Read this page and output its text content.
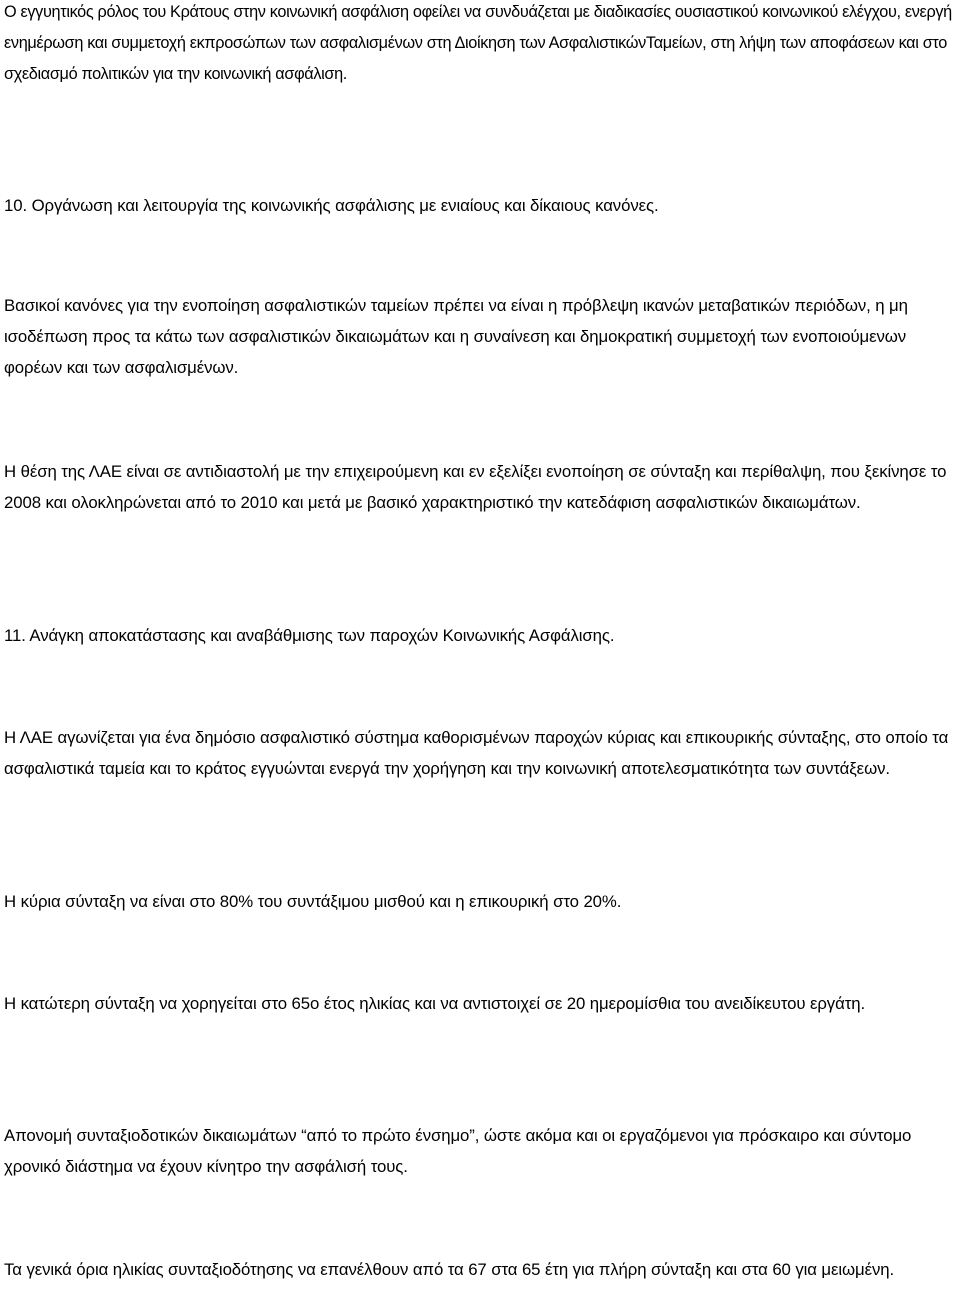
Ο εγγυητικός ρόλος του Κράτους στην κοινωνική ασφάλιση οφείλει να συνδυάζεται με διαδικασίες ουσιαστικού κοινωνικού ελέγχου, ενεργή ενημέρωση και συμμετοχή εκπροσώπων των ασφαλισμένων στη Διοίκηση των ΑσφαλιστικώνΤαμείων, στη λήψη των αποφάσεων και στο σχεδιασμό πολιτικών για την κοινωνική ασφάλιση.

10. Οργάνωση και λειτουργία της κοινωνικής ασφάλισης με ενιαίους και δίκαιους κανόνες.

Βασικοί κανόνες για την ενοποίηση ασφαλιστικών ταμείων πρέπει να είναι η πρόβλεψη ικανών μεταβατικών περιόδων, η μη ισοδέπωση προς τα κάτω των ασφαλιστικών δικαιωμάτων και η συναίνεση και δημοκρατική συμμετοχή των ενοποιούμενων φορέων και των ασφαλισμένων.

Η θέση της ΛΑΕ είναι σε αντιδιαστολή με την επιχειρούμενη και εν εξελίξει ενοποίηση σε σύνταξη και περίθαλψη, που ξεκίνησε το 2008 και ολοκληρώνεται από το 2010 και μετά με βασικό χαρακτηριστικό την κατεδάφιση ασφαλιστικών δικαιωμάτων.

11. Ανάγκη αποκατάστασης και αναβάθμισης των παροχών Κοινωνικής Ασφάλισης.

Η ΛΑΕ αγωνίζεται για ένα δημόσιο ασφαλιστικό σύστημα καθορισμένων παροχών κύριας και επικουρικής σύνταξης, στο οποίο τα ασφαλιστικά ταμεία και το κράτος εγγυώνται ενεργά την χορήγηση και την κοινωνική αποτελεσματικότητα των συντάξεων.

Η κύρια σύνταξη να είναι στο 80% του συντάξιμου μισθού και η επικουρική στο 20%.

Η κατώτερη σύνταξη να χορηγείται στο 65ο έτος ηλικίας και να αντιστοιχεί σε 20 ημερομίσθια του ανειδίκευτου εργάτη.

Απονομή συνταξιοδοτικών δικαιωμάτων “από το πρώτο ένσημο”, ώστε ακόμα και οι εργαζόμενοι για πρόσκαιρο και σύντομο χρονικό διάστημα να έχουν κίνητρο την ασφάλισή τους.

Τα γενικά όρια ηλικίας συνταξιοδότησης να επανέλθουν από τα 67 στα 65 έτη για πλήρη σύνταξη και στα 60 για μειωμένη.
